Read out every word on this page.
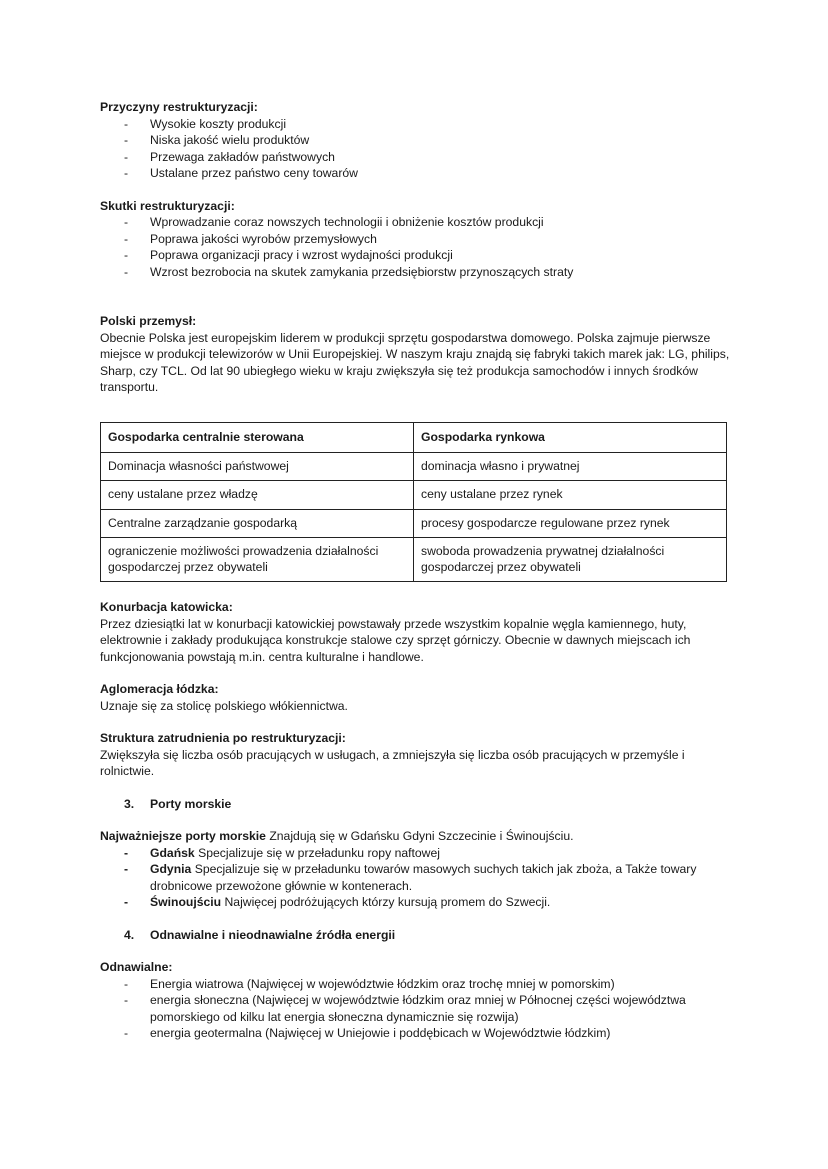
Przyczyny restrukturyzacji:
- Wysokie koszty produkcji
- Niska jakość wielu produktów
- Przewaga zakładów państwowych
- Ustalane przez państwo ceny towarów
Skutki restrukturyzacji:
- Wprowadzanie coraz nowszych technologii i obniżenie kosztów produkcji
- Poprawa jakości wyrobów przemysłowych
- Poprawa organizacji pracy i wzrost wydajności produkcji
- Wzrost bezrobocia na skutek zamykania przedsiębiorstw przynoszących straty
Polski przemysł:
Obecnie Polska jest europejskim liderem w produkcji sprzętu gospodarstwa domowego. Polska zajmuje pierwsze miejsce w produkcji telewizorów w Unii Europejskiej. W naszym kraju znajdą się fabryki takich marek jak: LG, philips, Sharp, czy TCL. Od lat 90 ubiegłego wieku w kraju zwiększyła się też produkcja samochodów i innych środków transportu.
Gospodarka centralnie sterowana	Gospodarka rynkowa
Dominacja własności państwowej	dominacja własno i prywatnej
ceny ustalane przez władzę	ceny ustalane przez rynek
Centralne zarządzanie gospodarką	procesy gospodarcze regulowane przez rynek
ograniczenie możliwości prowadzenia działalności gospodarczej przez obywateli	swoboda prowadzenia prywatnej działalności gospodarczej przez obywateli
Konurbacja katowicka:
Przez dziesiątki lat w konurbacji katowickiej powstawały przede wszystkim kopalnie węgla kamiennego, huty, elektrownie i zakłady produkująca konstrukcje stalowe czy sprzęt górniczy. Obecnie w dawnych miejscach ich funkcjonowania powstają m.in. centra kulturalne i handlowe.
Aglomeracja łódzka:
Uznaje się za stolicę polskiego włókiennictwa.
Struktura zatrudnienia po restrukturyzacji:
Zwiększyła się liczba osób pracujących w usługach, a zmniejszyła się liczba osób pracujących w przemyśle i rolnictwie.
3. Porty morskie
Najważniejsze porty morskie Znajdują się w Gdańsku Gdyni Szczecinie i Świnoujściu.
- Gdańsk Specjalizuje się w przeładunku ropy naftowej
- Gdynia Specjalizuje się w przeładunku towarów masowych suchych takich jak zboża, a Także towary drobnicowe przewożone głównie w kontenerach.
- Świnoujściu Najwięcej podróżujących którzy kursują promem do Szwecji.
4. Odnawialne i nieodnawialne źródła energii
Odnawialne:
- Energia wiatrowa (Najwięcej w województwie łódzkim oraz trochę mniej w pomorskim)
- energia słoneczna (Najwięcej w województwie łódzkim oraz mniej w Północnej części województwa pomorskiego od kilku lat energia słoneczna dynamicznie się rozwija)
- energia geotermalna (Najwięcej w Uniejowie i poddębicach w Województwie łódzkim)
